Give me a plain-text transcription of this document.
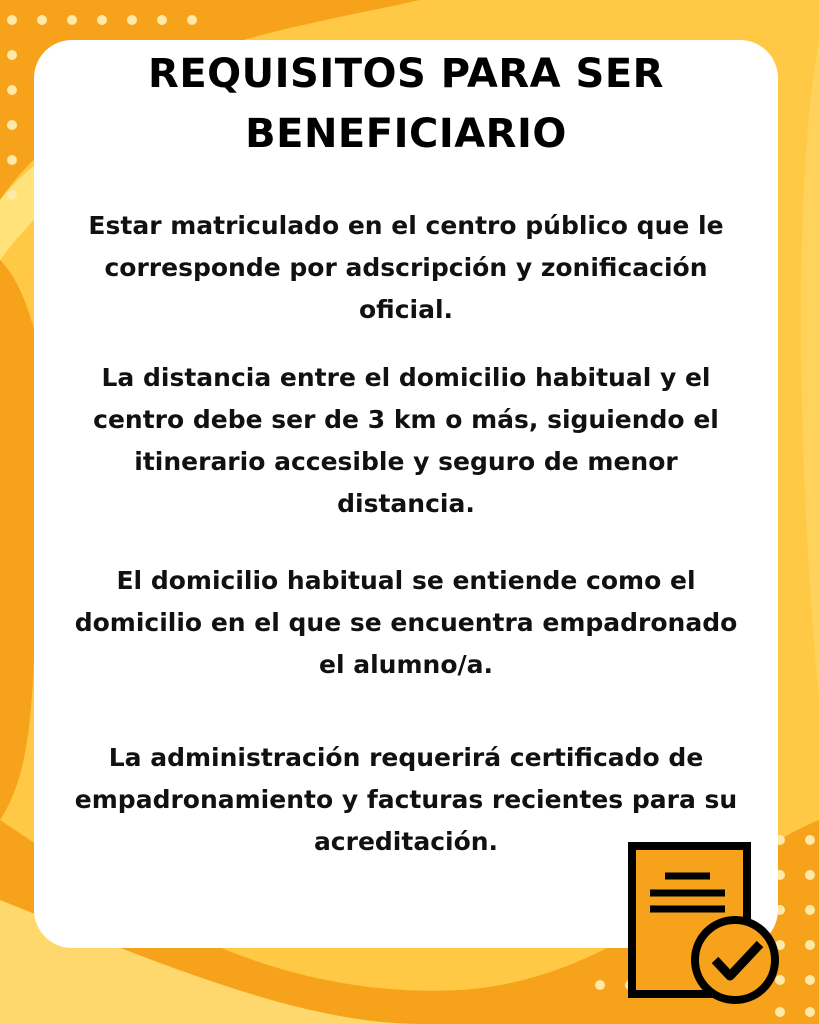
REQUISITOS PARA SER BENEFICIARIO

Estar matriculado en el centro público que le corresponde por adscripción y zonificación oficial.

La distancia entre el domicilio habitual y el centro debe ser de 3 km o más, siguiendo el itinerario accesible y seguro de menor distancia.

El domicilio habitual se entiende como el domicilio en el que se encuentra empadronado el alumno/a.

La administración requerirá certificado de empadronamiento y facturas recientes para su acreditación.
